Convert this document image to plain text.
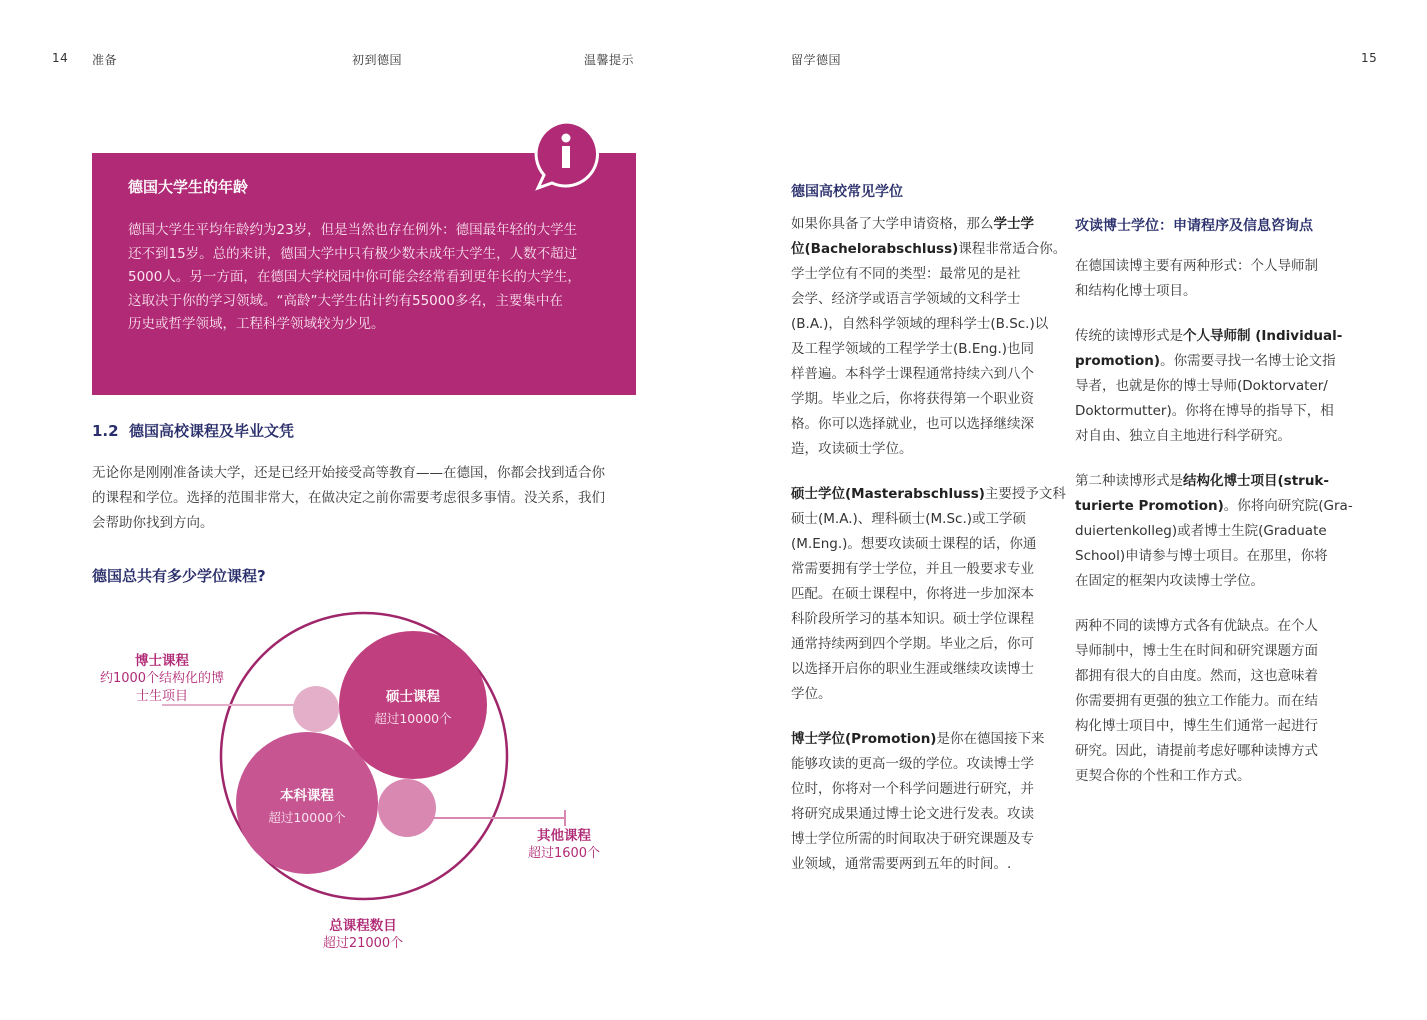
14 准备	初到德国	温馨提示	留学德国	15
德国大学生的年龄
德国大学生平均年龄约为23岁，但是当然也存在例外：德国最年轻的大学生
还不到15岁。总的来讲，德国大学中只有极少数未成年大学生，人数不超过
5000人。另一方面，在德国大学校园中你可能会经常看到更年长的大学生，
这取决于你的学习领域。“高龄”大学生估计约有55000多名，主要集中在
历史或哲学领域，工程科学领域较为少见。
1.2 德国高校课程及毕业文凭
无论你是刚刚准备读大学，还是已经开始接受高等教育——在德国，你都会找到适合你
的课程和学位。选择的范围非常大，在做决定之前你需要考虑很多事情。没关系，我们
会帮助你找到方向。
德国总共有多少学位课程?
硕士课程
超过10000个
本科课程
超过10000个
博士课程
约1000个结构化的博
士生项目
其他课程
超过1600个
总课程数目
超过21000个
德国高校常见学位
如果你具备了大学申请资格，那么学士学
位(Bachelorabschluss)课程非常适合你。
学士学位有不同的类型：最常见的是社
会学、经济学或语言学领域的文科学士
(B.A.)，自然科学领域的理科学士(B.Sc.)以
及工程学领域的工程学学士(B.Eng.)也同
样普遍。本科学士课程通常持续六到八个
学期。毕业之后，你将获得第一个职业资
格。你可以选择就业，也可以选择继续深
造，攻读硕士学位。
硕士学位(Masterabschluss)主要授予文科
硕士(M.A.)、理科硕士(M.Sc.)或工学硕
(M.Eng.)。想要攻读硕士课程的话，你通
常需要拥有学士学位，并且一般要求专业
匹配。在硕士课程中，你将进一步加深本
科阶段所学习的基本知识。硕士学位课程
通常持续两到四个学期。毕业之后，你可
以选择开启你的职业生涯或继续攻读博士
学位。
博士学位(Promotion)是你在德国接下来
能够攻读的更高一级的学位。攻读博士学
位时，你将对一个科学问题进行研究，并
将研究成果通过博士论文进行发表。攻读
博士学位所需的时间取决于研究课题及专
业领域，通常需要两到五年的时间。.
攻读博士学位：申请程序及信息咨询点
在德国读博主要有两种形式：个人导师制
和结构化博士项目。
传统的读博形式是个人导师制 (Individual-
promotion)。你需要寻找一名博士论文指
导者，也就是你的博士导师(Doktorvater/
Doktormutter)。你将在博导的指导下，相
对自由、独立自主地进行科学研究。
第二种读博形式是结构化博士项目(struk-
turierte Promotion)。你将向研究院(Gra-
duiertenkolleg)或者博士生院(Graduate
School)申请参与博士项目。在那里，你将
在固定的框架内攻读博士学位。
两种不同的读博方式各有优缺点。在个人
导师制中，博士生在时间和研究课题方面
都拥有很大的自由度。然而，这也意味着
你需要拥有更强的独立工作能力。而在结
构化博士项目中，博生生们通常一起进行
研究。因此，请提前考虑好哪种读博方式
更契合你的个性和工作方式。
